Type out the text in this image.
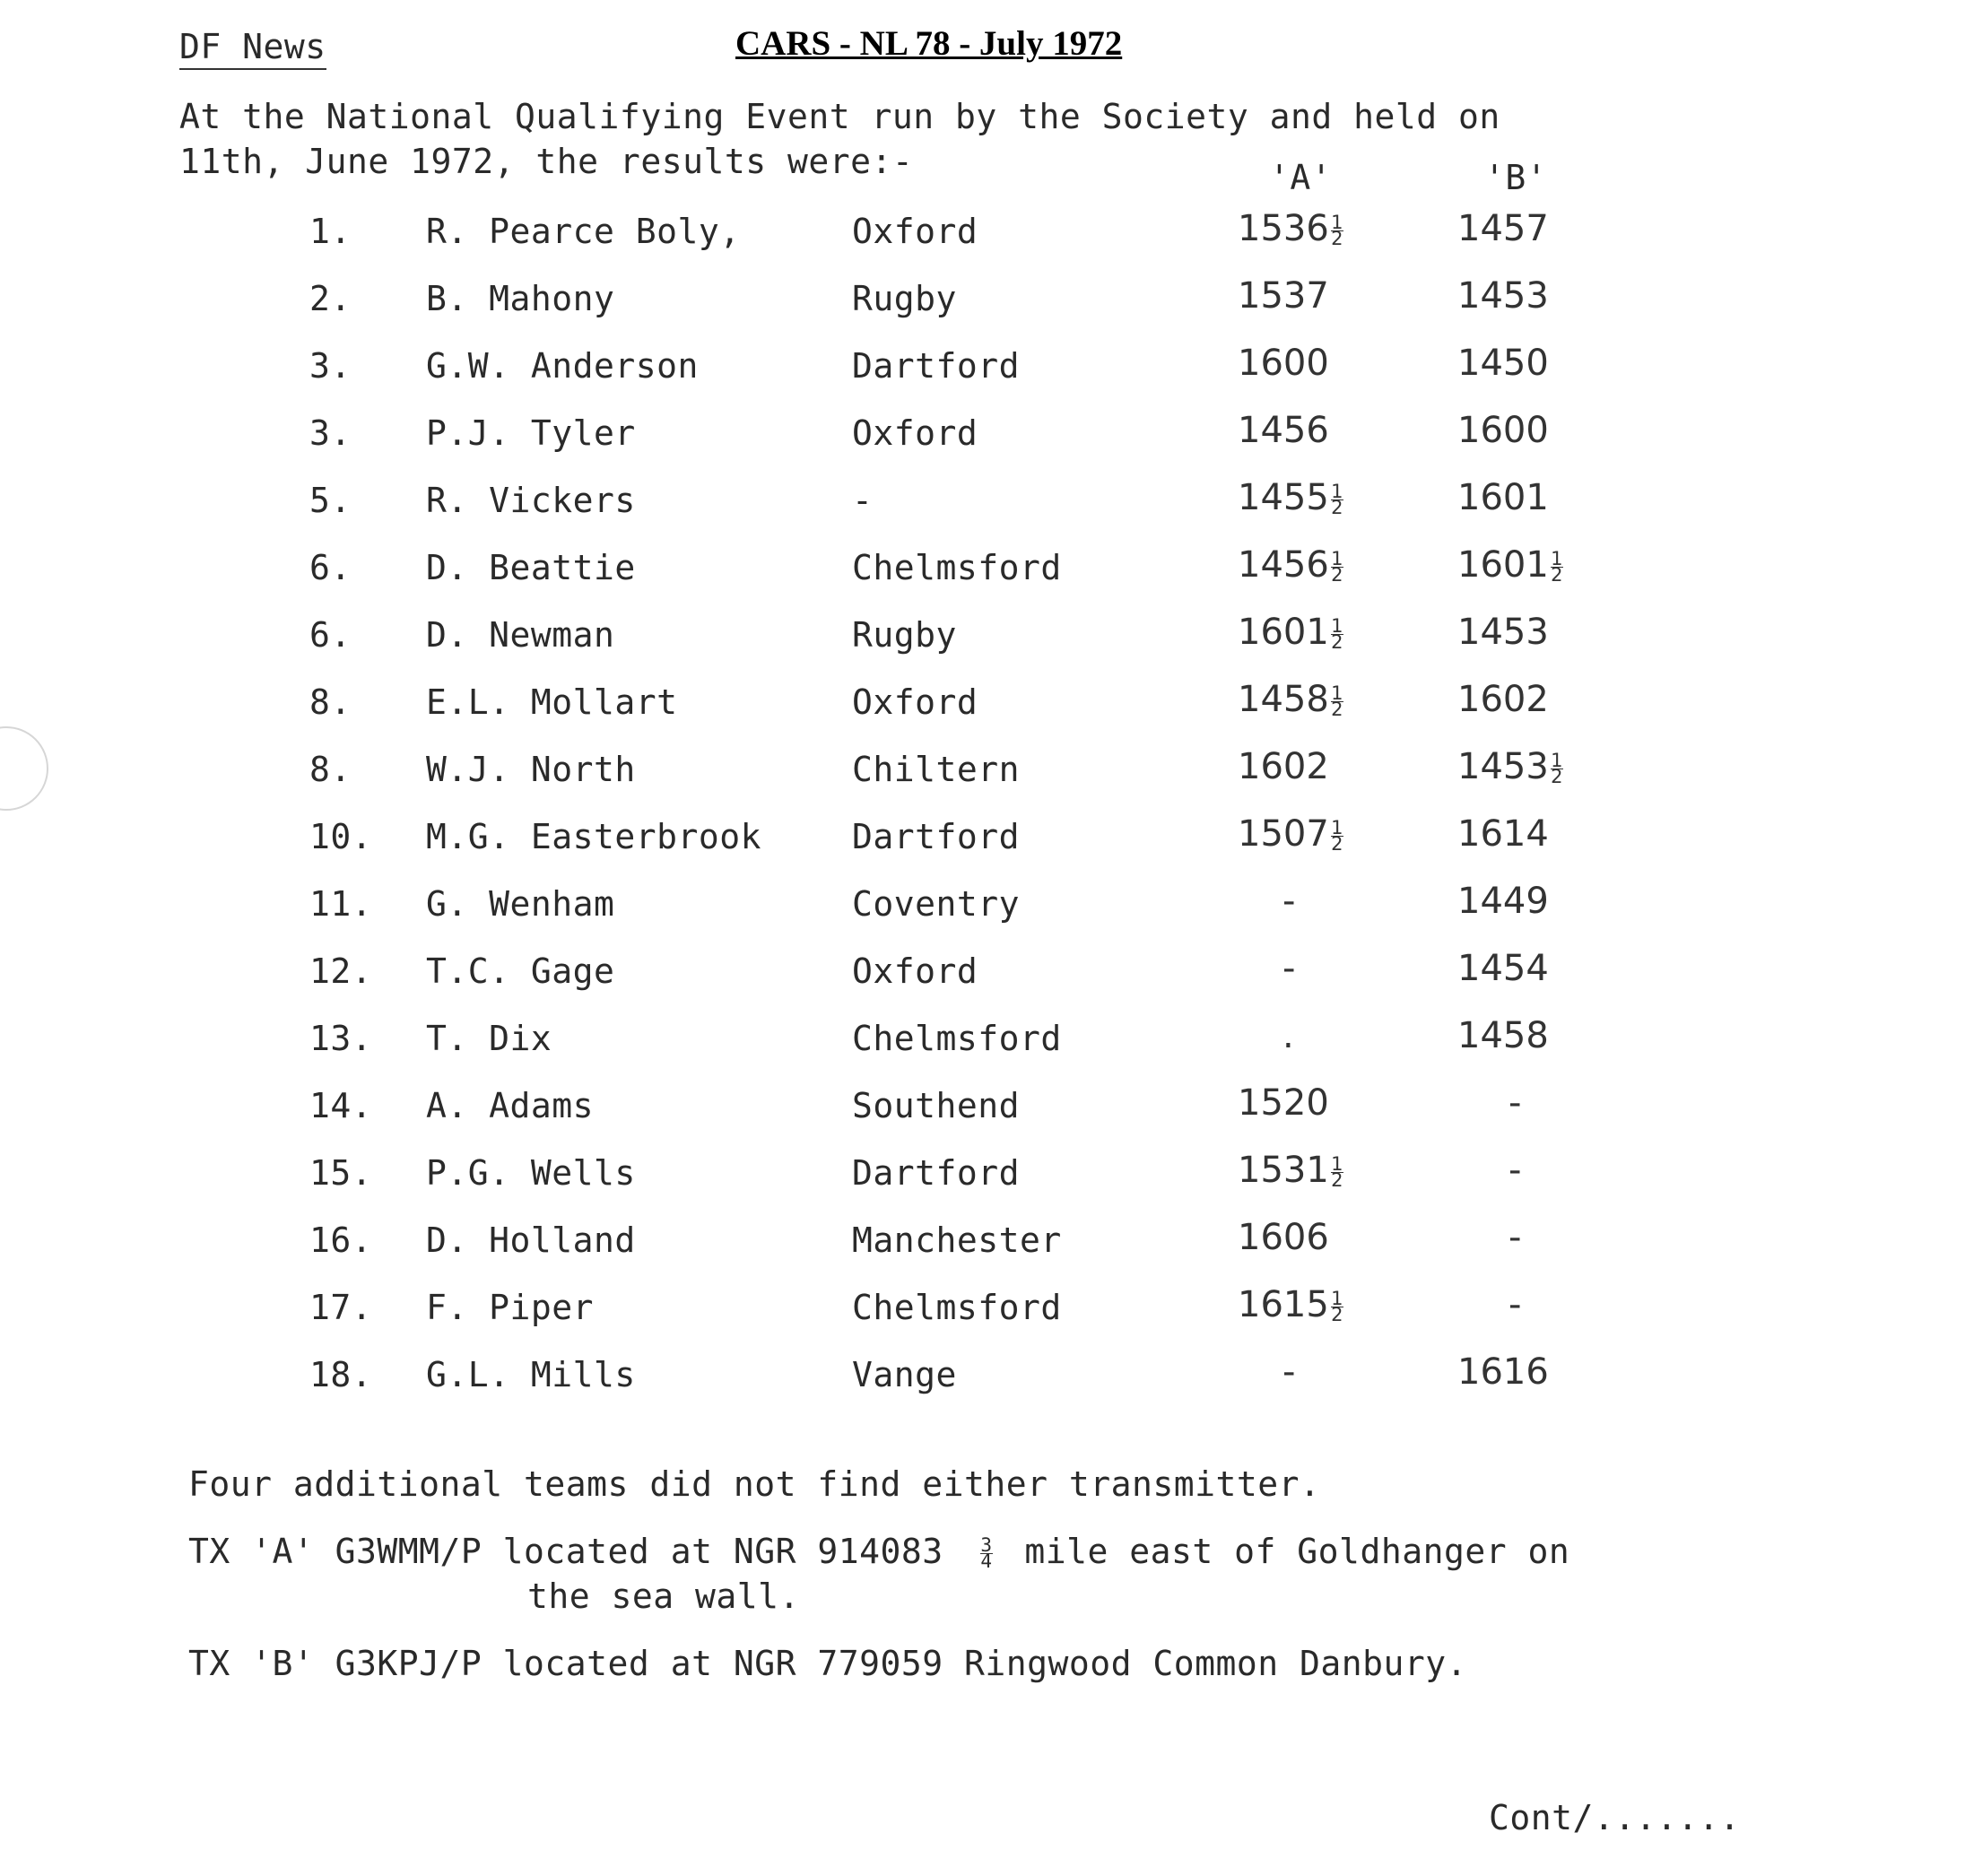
DF News	CARS - NL 78 - July 1972
At the National Qualifying Event run by the Society and held on
11th, June 1972, the results were:-	'A'	'B'
1. R. Pearce Boly,	Oxford	$1536 \frac{1}{2}$	1457
2. B. Mahony	Rugby	1537	1453
3. G.W. Anderson	Dartford	1600	1450
3. P.J. Tyler	Oxford	1456	1600
5. R. Vickers	-	$1455 \frac{1}{2}$	1601
6. D. Beattie	Chelmsford	$1456 \frac{1}{2}$	$1601 \frac{1}{2}$
6. D. Newman	Rugby	$1601 \frac{1}{2}$	1453
8. E.L. Mollart	Oxford	$1458 \frac{1}{2}$	1602
8. W.J. North	Chiltern	1602	$1453 \frac{1}{2}$
10. M.G. Easterbrook	Dartford	$1507 \frac{1}{2}$	1614
11. G. Wenham	Coventry	-	1449
12. T.C. Gage	Oxford	-	1454
13. T. Dix	Chelmsford	.	1458
14. A. Adams	Southend	1520	-
15. P.G. Wells	Dartford	$1531 \frac{1}{2}$	-
16. D. Holland	Manchester	1606	-
17. F. Piper	Chelmsford	$1615 \frac{1}{2}$	-
18. G.L. Mills	Vange	-	1616
Four additional teams did not find either transmitter.
TX 'A' G3WMM/P located at NGR $914083 \frac{3}{4}$ mile east of Goldhanger on
the sea wall.
TX 'B' G3KPJ/P located at NGR 779059 Ringwood Common Danbury.
Cont/.......
